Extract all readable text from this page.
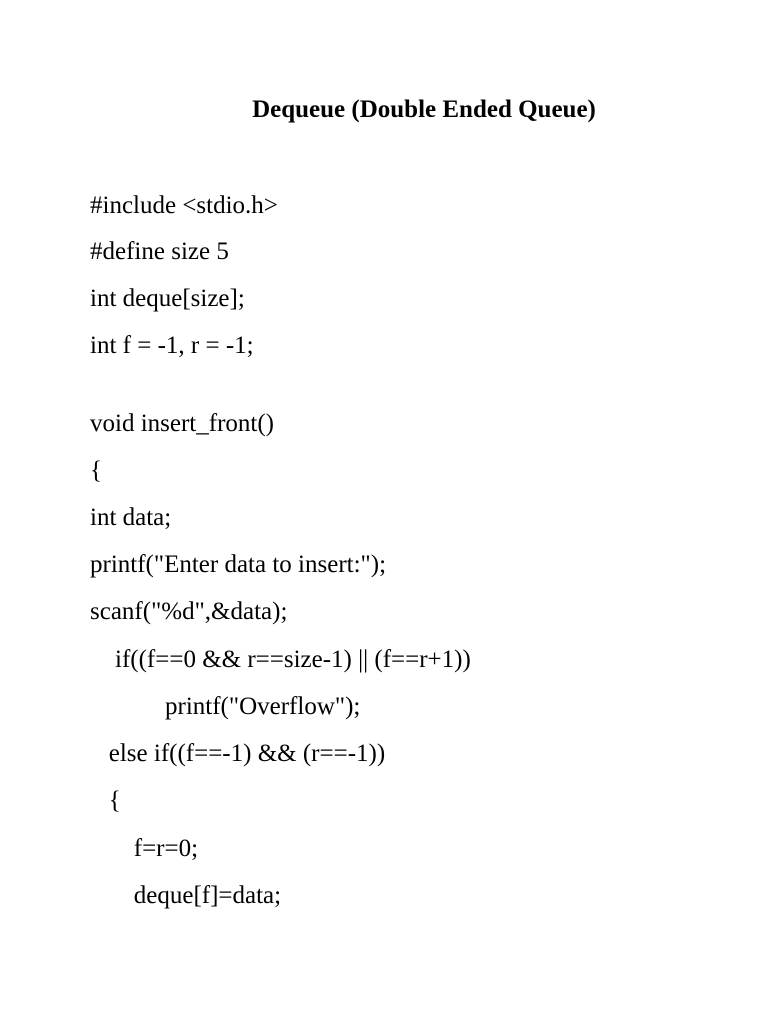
Dequeue (Double Ended Queue)
#include <stdio.h>
#define size 5
int deque[size];
int f = -1, r = -1;
void insert_front()
{
int data;
printf("Enter data to insert:");
scanf("%d",&data);
if((f==0 && r==size-1) || (f==r+1))
printf("Overflow");
else if((f==-1) && (r==-1))
{
f=r=0;
deque[f]=data;
